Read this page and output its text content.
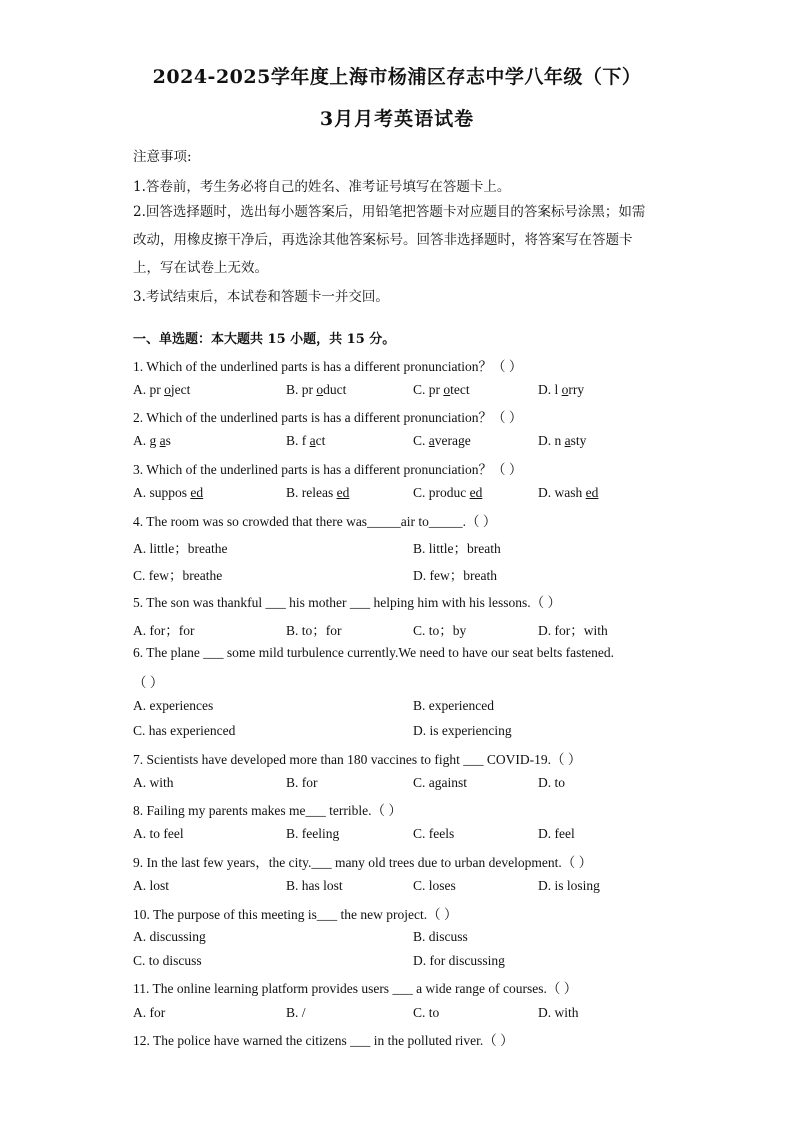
2024-2025学年度上海市杨浦区存志中学八年级（下）
3月月考英语试卷
注意事项:
1.答卷前，考生务必将自己的姓名、准考证号填写在答题卡上。
2.回答选择题时，选出每小题答案后，用铅笔把答题卡对应题目的答案标号涂黑；如需改动，用橡皮擦干净后，再选涂其他答案标号。回答非选择题时，将答案写在答题卡上，写在试卷上无效。
3.考试结束后，本试卷和答题卡一并交回。
一、单选题：本大题共 15 小题，共 15 分。
1. Which of the underlined parts is has a different pronunciation？（ ）
A. pr oject	B. pr oduct	C. pr otect	D. l orry
2. Which of the underlined parts is has a different pronunciation？（ ）
A. g as	B. f act	C. average	D. n asty
3. Which of the underlined parts is has a different pronunciation？（ ）
A. suppos ed	B. releas ed	C. produc ed	D. wash ed
4. The room was so crowded that there was_____air to_____.（ ）
A. little；breathe	B. little；breath
C. few；breathe	D. few；breath
5. The son was thankful ___ his mother ___ helping him with his lessons.（ ）
A. for；for	B. to；for	C. to；by	D. for；with
6. The plane ___ some mild turbulence currently.We need to have our seat belts fastened.
（ ）
A. experiences	B. experienced
C. has experienced	D. is experiencing
7. Scientists have developed more than 180 vaccines to fight ___ COVID-19.（ ）
A. with	B. for	C. against	D. to
8. Failing my parents makes me___ terrible.（ ）
A. to feel	B. feeling	C. feels	D. feel
9. In the last few years，the city.___ many old trees due to urban development.（ ）
A. lost	B. has lost	C. loses	D. is losing
10. The purpose of this meeting is___ the new project.（ ）
A. discussing	B. discuss
C. to discuss	D. for discussing
11. The online learning platform provides users ___ a wide range of courses.（ ）
A. for	B. /	C. to	D. with
12. The police have warned the citizens ___ in the polluted river.（ ）
